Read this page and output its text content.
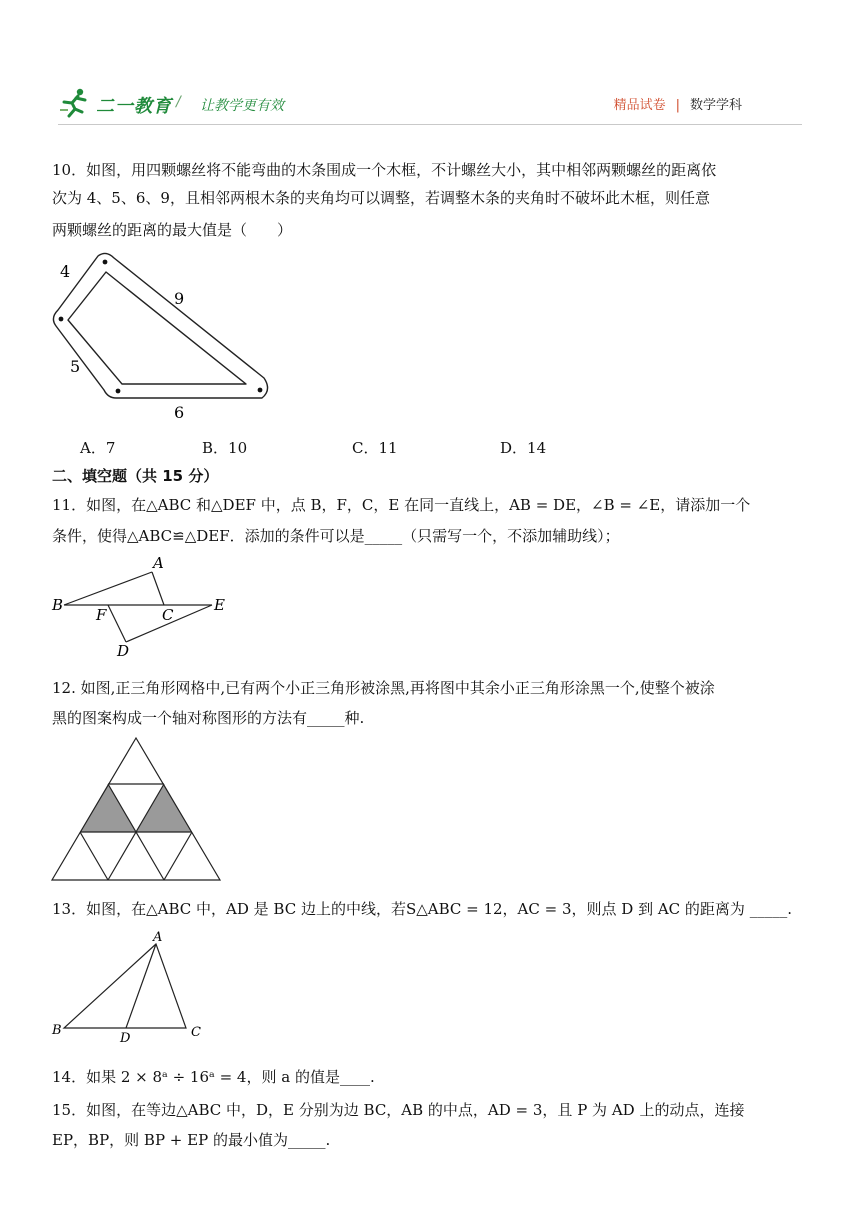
二一教育 / 让教学更有效	精品试卷 | 数学学科
10．如图，用四颗螺丝将不能弯曲的木条围成一个木框，不计螺丝大小，其中相邻两颗螺丝的距离依
次为 4、5、6、9，且相邻两根木条的夹角均可以调整，若调整木条的夹角时不破坏此木框，则任意
两颗螺丝的距离的最大值是（　　）
4
5
6
9
A．7	B．10	C．11	D．14
二、填空题（共 15 分）
11．如图，在△ABC 和△DEF 中，点 B，F，C，E 在同一直线上，AB = DE，∠B = ∠E，请添加一个
条件，使得△ABC≌△DEF．添加的条件可以是_____（只需写一个，不添加辅助线）；
A
B
C
D
E
F
12. 如图,正三角形网格中,已有两个小正三角形被涂黑,再将图中其余小正三角形涂黑一个,使整个被涂
黑的图案构成一个轴对称图形的方法有_____种.
13．如图，在△ABC 中，AD 是 BC 边上的中线，若S△ABC = 12，AC = 3，则点 D 到 AC 的距离为 _____.
A
B	C
D
14．如果 2 × 8ᵃ ÷ 16ᵃ = 4，则 a 的值是____.
15．如图，在等边△ABC 中，D，E 分别为边 BC，AB 的中点，AD = 3，且 P 为 AD 上的动点，连接
EP，BP，则 BP + EP 的最小值为_____.
